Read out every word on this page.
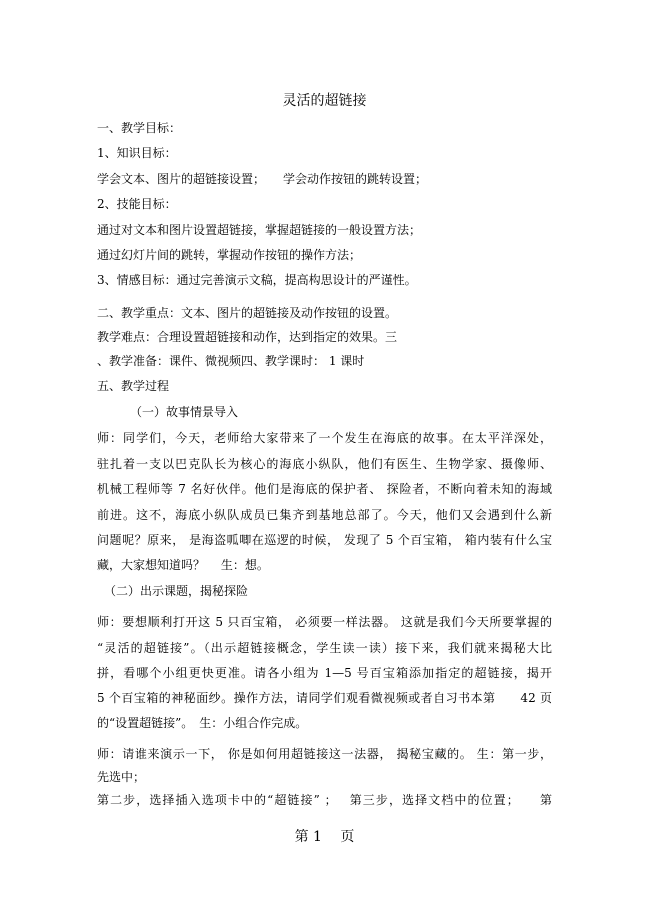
灵活的超链接
一、教学目标：
1、知识目标：
学会文本、图片的超链接设置；　　学会动作按钮的跳转设置；
2、技能目标：
通过对文本和图片设置超链接，掌握超链接的一般设置方法；
通过幻灯片间的跳转，掌握动作按钮的操作方法；
3、情感目标：通过完善演示文稿，提高构思设计的严谨性。
二、教学重点：文本、图片的超链接及动作按钮的设置。
教学难点：合理设置超链接和动作，达到指定的效果。三
、教学准备：课件、微视频四、教学课时： 1 课时
五、教学过程
（一）故事情景导入
师：同学们，今天，老师给大家带来了一个发生在海底的故事。在太平洋深处，
驻扎着一支以巴克队长为核心的海底小纵队，他们有医生、生物学家、摄像师、
机械工程师等 7 名好伙伴。他们是海底的保护者、 探险者，不断向着未知的海域
前进。这不，海底小纵队成员已集齐到基地总部了。今天，他们又会遇到什么新
问题呢？原来， 是海盗呱唧在巡逻的时候， 发现了 5 个百宝箱， 箱内装有什么宝
藏，大家想知道吗？　 生：想。
（二）出示课题，揭秘探险
师：要想顺利打开这 5 只百宝箱， 必须要一样法器。 这就是我们今天所要掌握的
“灵活的超链接”。（出示超链接概念，学生读一读）接下来，我们就来揭秘大比
拼，看哪个小组更快更准。请各小组为 1—5 号百宝箱添加指定的超链接，揭开
5 个百宝箱的神秘面纱。操作方法，请同学们观看微视频或者自习书本第　　42 页
的“设置超链接”。　生：小组合作完成。
师：请谁来演示一下， 你是如何用超链接这一法器， 揭秘宝藏的。 生：第一步，
先选中；
第二步，选择插入选项卡中的“超链接” ；　 第三步，选择文档中的位置；　　第
第 1　 页
